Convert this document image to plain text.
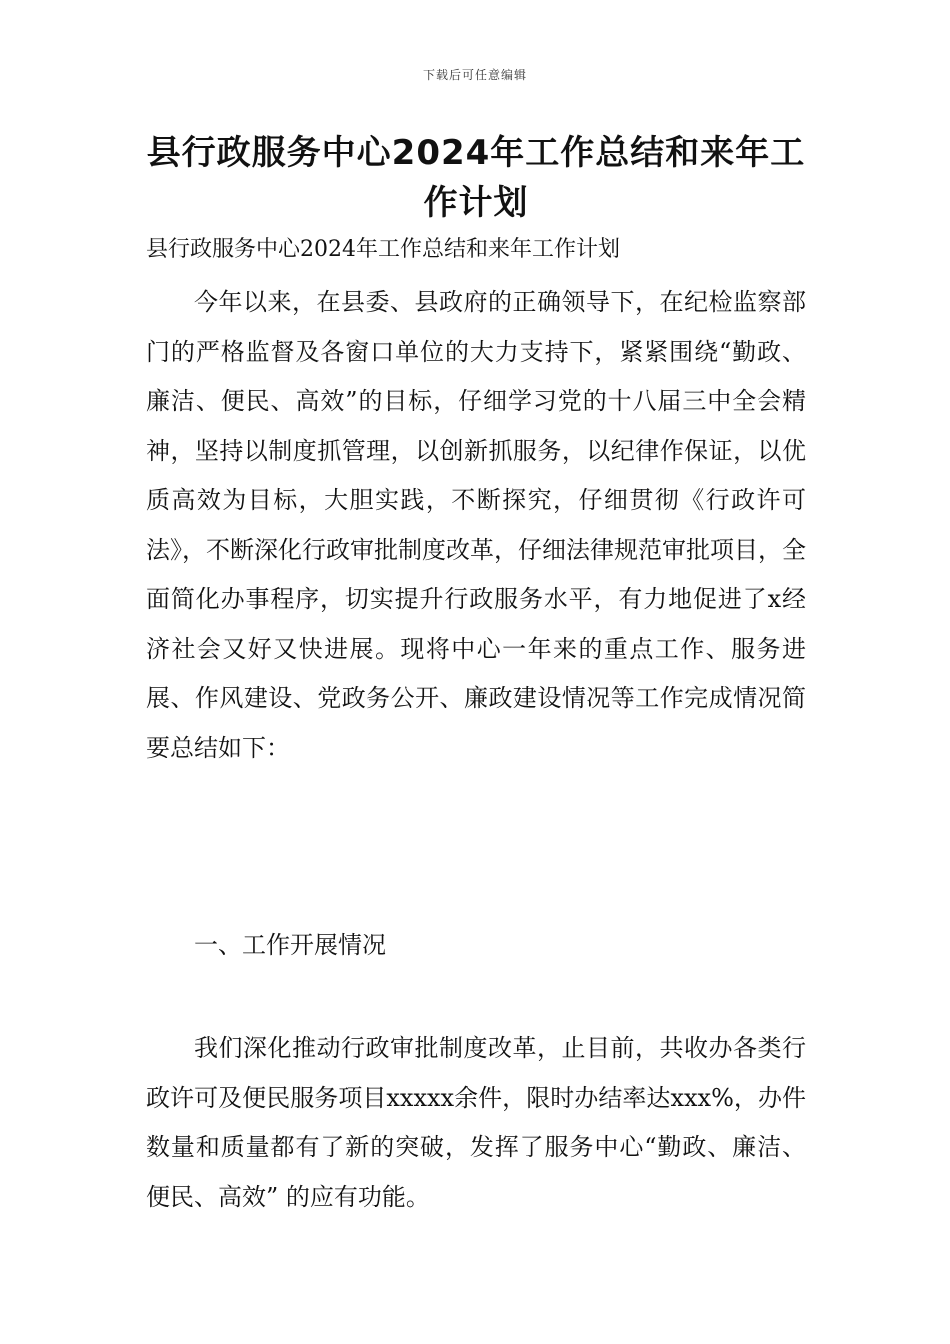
下载后可任意编辑
县行政服务中心2024年工作总结和来年工作计划

县行政服务中心2024年工作总结和来年工作计划

今年以来，在县委、县政府的正确领导下，在纪检监察部门的严格监督及各窗口单位的大力支持下，紧紧围绕“勤政、廉洁、便民、高效”的目标，仔细学习党的十八届三中全会精神，坚持以制度抓管理，以创新抓服务，以纪律作保证，以优质高效为目标，大胆实践，不断探究，仔细贯彻《行政许可法》，不断深化行政审批制度改革，仔细法律规范审批项目，全面简化办事程序，切实提升行政服务水平，有力地促进了x经济社会又好又快进展。现将中心一年来的重点工作、服务进展、作风建设、党政务公开、廉政建设情况等工作完成情况简要总结如下：

一、工作开展情况

我们深化推动行政审批制度改革，止目前，共收办各类行政许可及便民服务项目xxxxx余件，限时办结率达xxx%，办件数量和质量都有了新的突破，发挥了服务中心“勤政、廉洁、便民、高效” 的应有功能。
